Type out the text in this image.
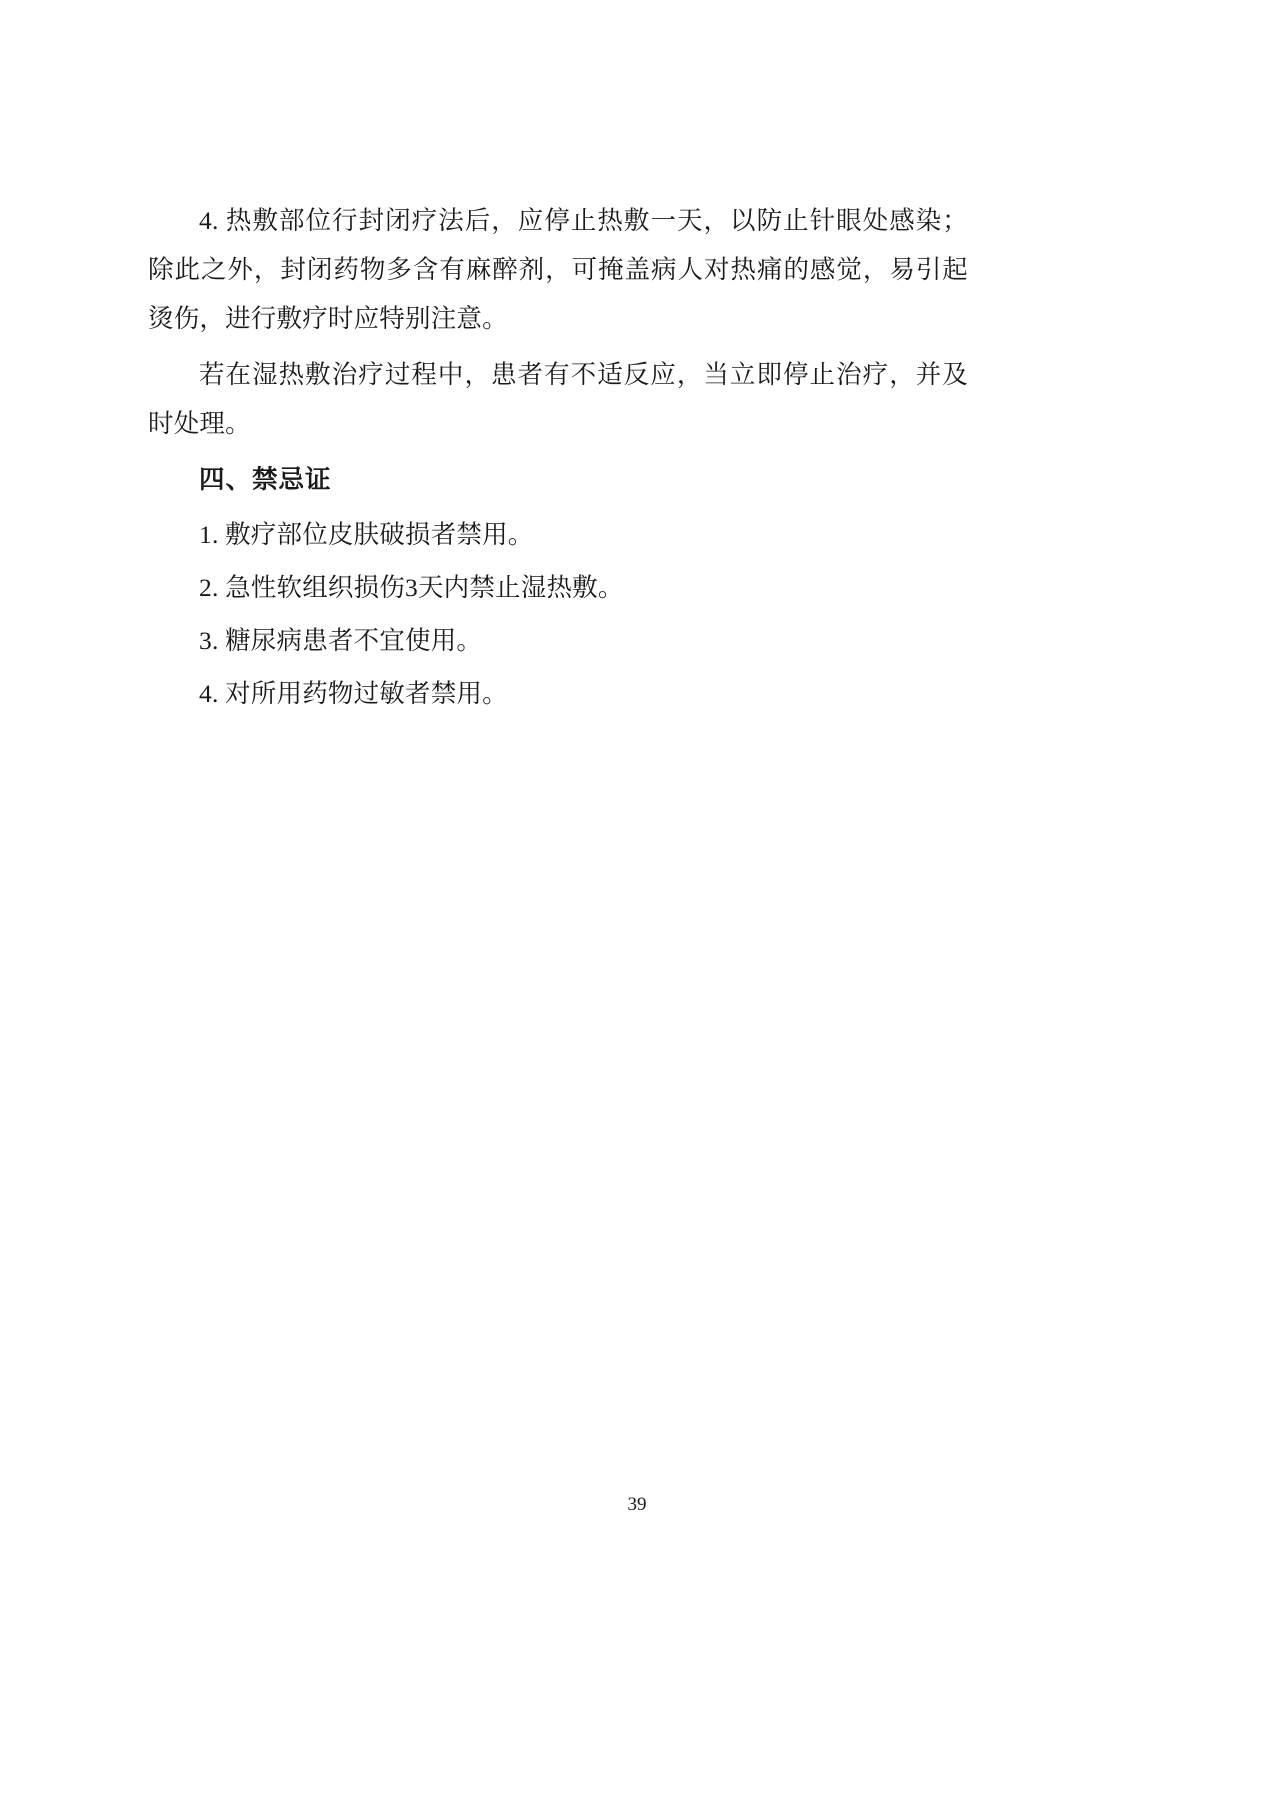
4. 热敷部位行封闭疗法后，应停止热敷一天，以防止针眼处感染；除此之外，封闭药物多含有麻醉剂，可掩盖病人对热痛的感觉，易引起烫伤，进行敷疗时应特别注意。

若在湿热敷治疗过程中，患者有不适反应，当立即停止治疗，并及时处理。

四、禁忌证

1. 敷疗部位皮肤破损者禁用。

2. 急性软组织损伤3天内禁止湿热敷。

3. 糖尿病患者不宜使用。

4. 对所用药物过敏者禁用。

39
